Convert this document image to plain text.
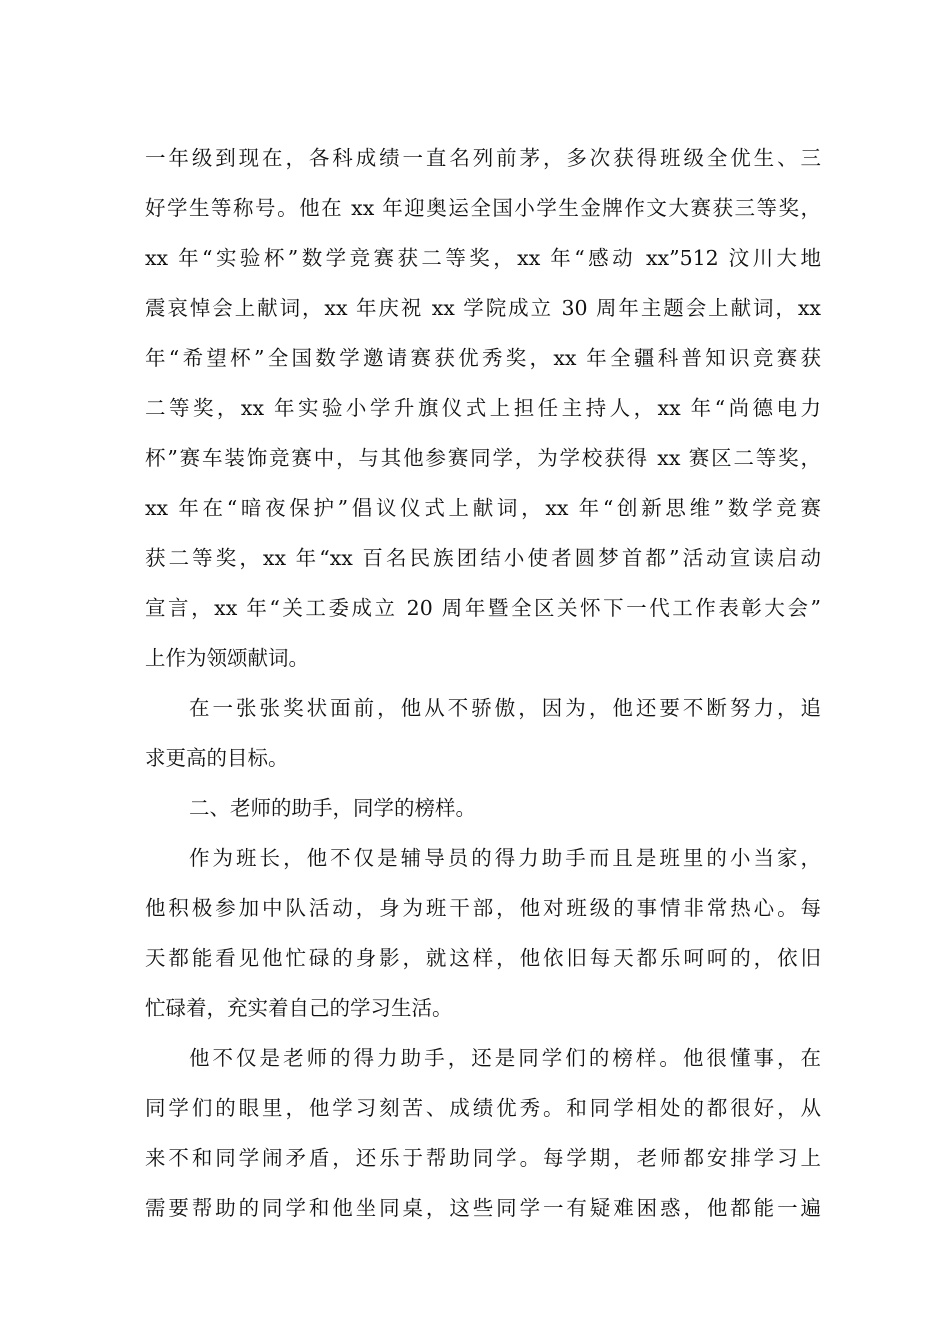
一年级到现在，各科成绩一直名列前茅，多次获得班级全优生、三
好学生等称号。他在 xx 年迎奥运全国小学生金牌作文大赛获三等奖，
xx 年“实验杯”数学竞赛获二等奖，xx 年“感动 xx”512 汶川大地
震哀悼会上献词，xx 年庆祝 xx 学院成立 30 周年主题会上献词，xx
年“希望杯”全国数学邀请赛获优秀奖，xx 年全疆科普知识竞赛获
二等奖，xx 年实验小学升旗仪式上担任主持人，xx 年“尚德电力
杯”赛车装饰竞赛中，与其他参赛同学，为学校获得 xx 赛区二等奖，
xx 年在“暗夜保护”倡议仪式上献词，xx 年“创新思维”数学竞赛
获二等奖，xx 年“xx 百名民族团结小使者圆梦首都”活动宣读启动
宣言，xx 年“关工委成立 20 周年暨全区关怀下一代工作表彰大会”
上作为领颂献词。
在一张张奖状面前，他从不骄傲，因为，他还要不断努力，追
求更高的目标。
二、老师的助手，同学的榜样。
作为班长，他不仅是辅导员的得力助手而且是班里的小当家，
他积极参加中队活动，身为班干部，他对班级的事情非常热心。每
天都能看见他忙碌的身影，就这样，他依旧每天都乐呵呵的，依旧
忙碌着，充实着自己的学习生活。
他不仅是老师的得力助手，还是同学们的榜样。他很懂事，在
同学们的眼里，他学习刻苦、成绩优秀。和同学相处的都很好，从
来不和同学闹矛盾，还乐于帮助同学。每学期，老师都安排学习上
需要帮助的同学和他坐同桌，这些同学一有疑难困惑，他都能一遍
